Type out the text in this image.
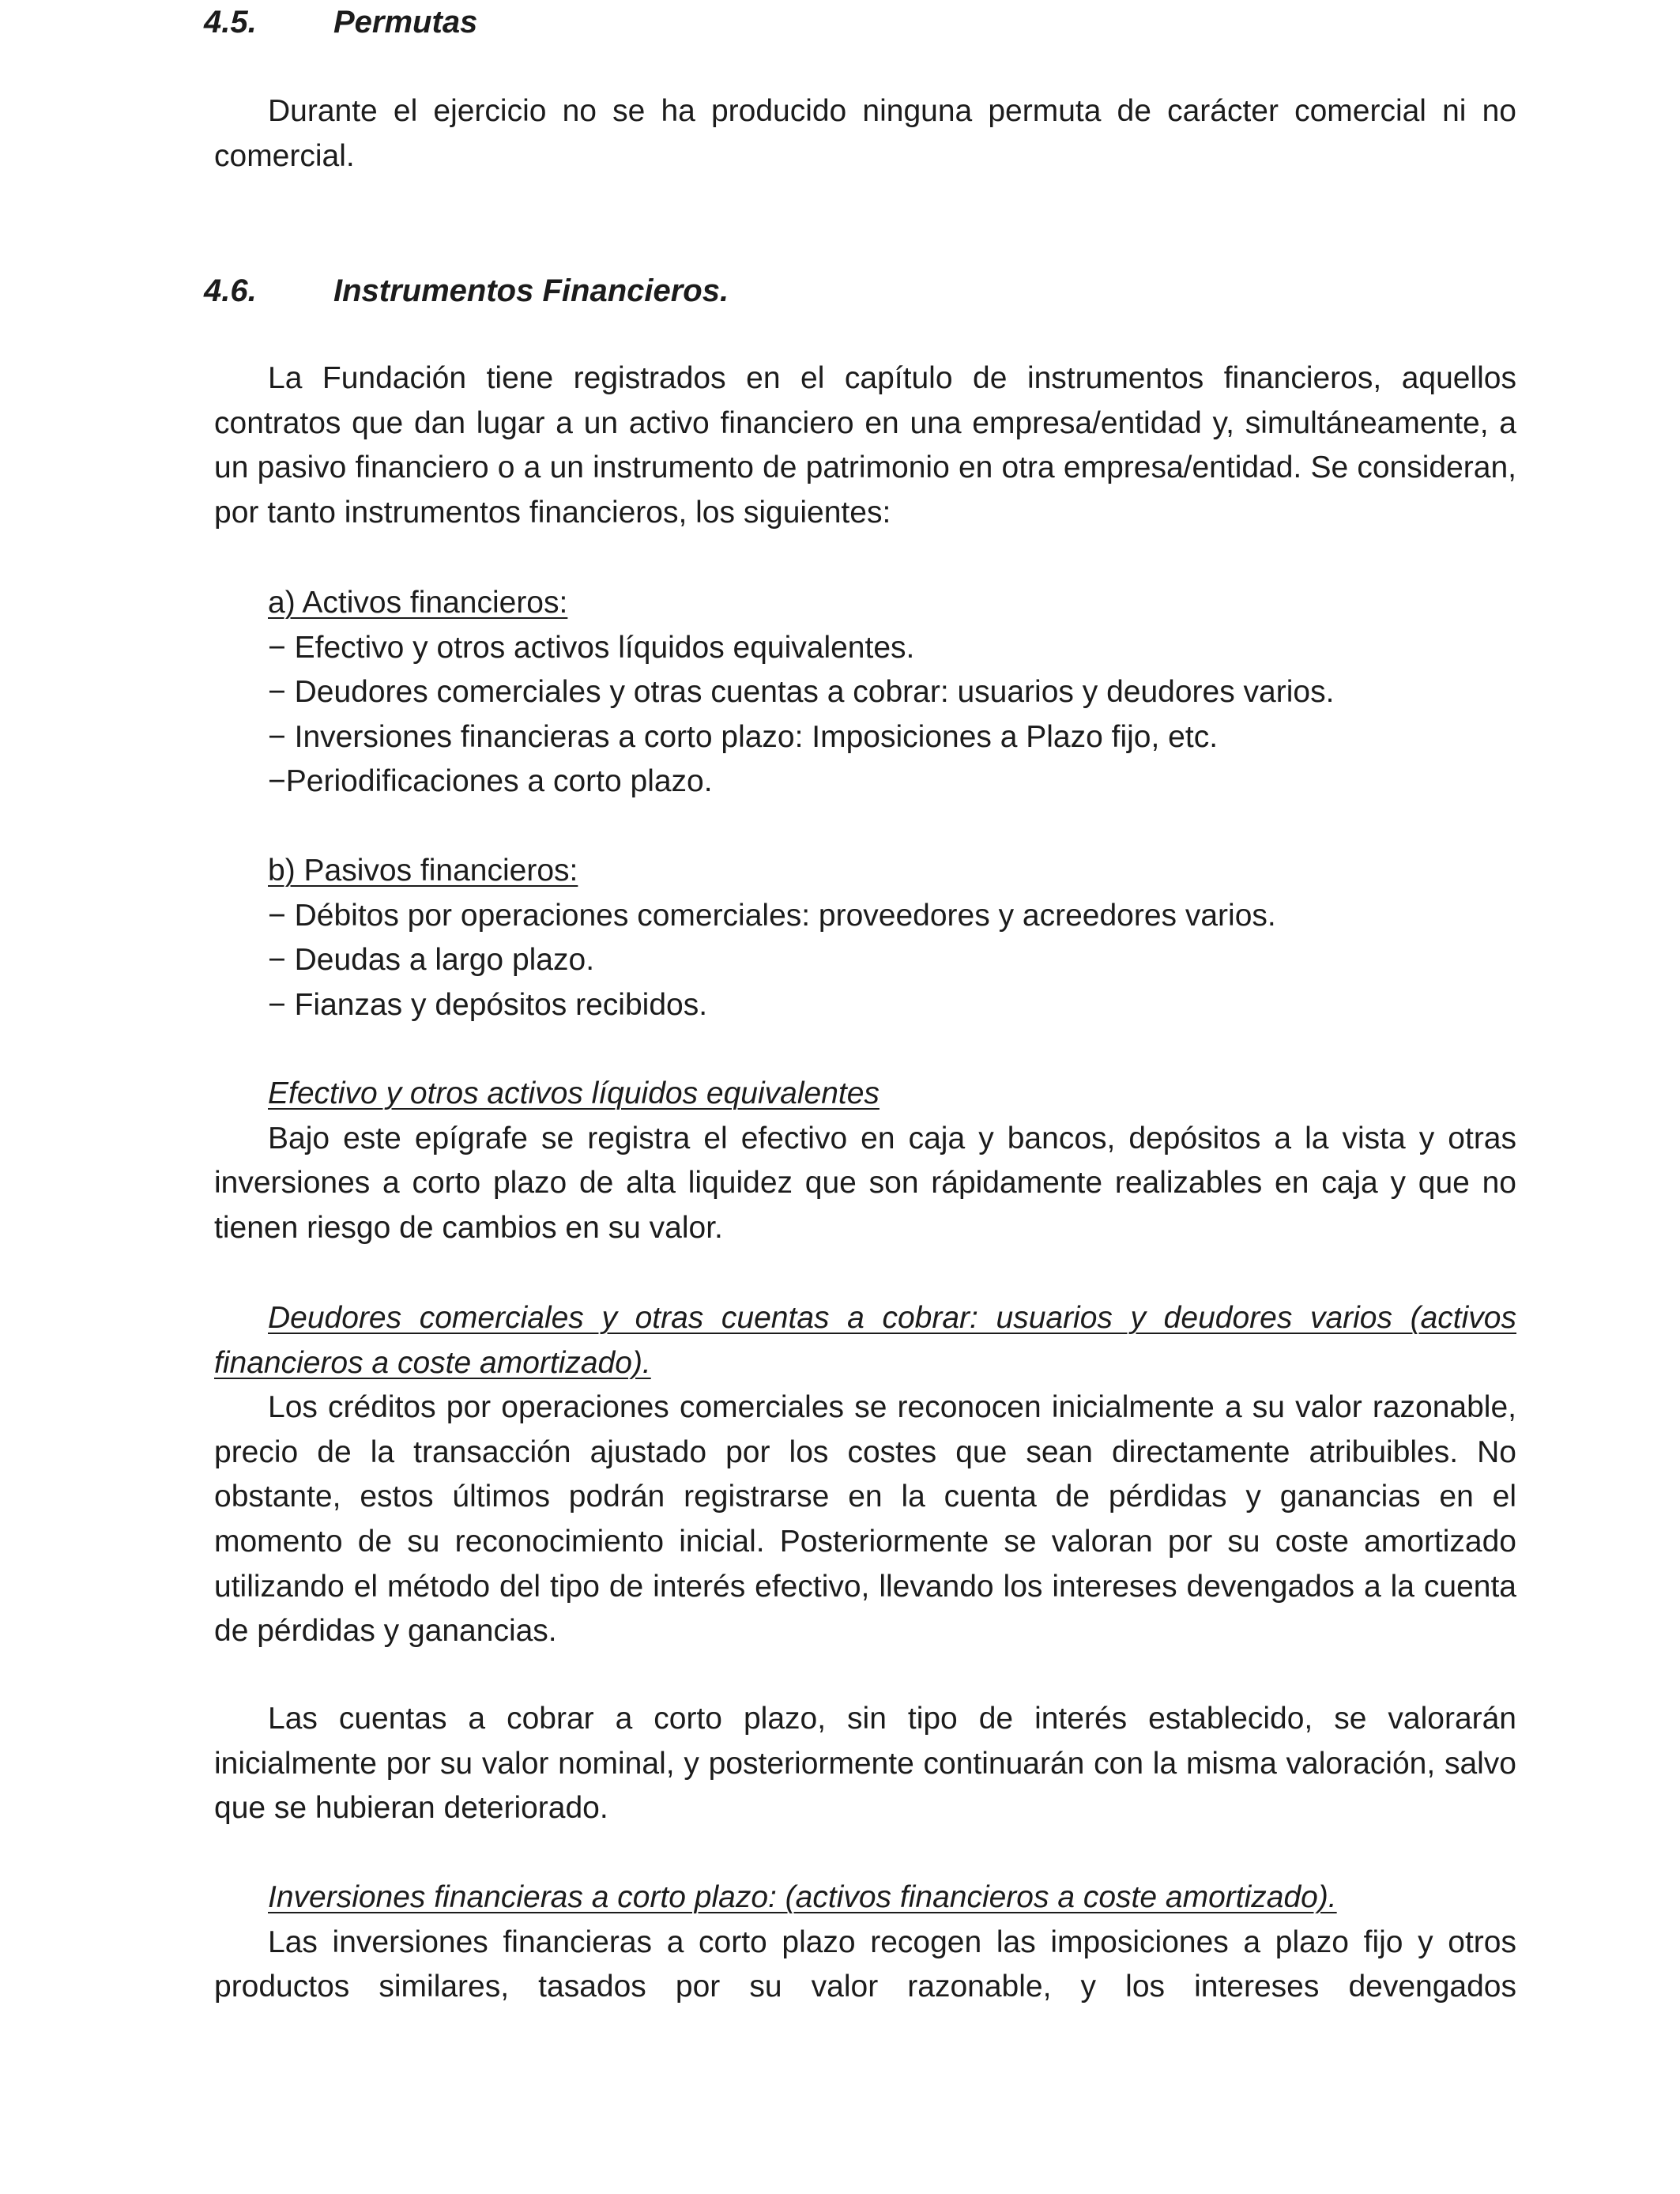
4.5. Permutas
Durante el ejercicio no se ha producido ninguna permuta de carácter comercial ni no comercial.
4.6. Instrumentos Financieros.
La Fundación tiene registrados en el capítulo de instrumentos financieros, aquellos contratos que dan lugar a un activo financiero en una empresa/entidad y, simultáneamente, a un pasivo financiero o a un instrumento de patrimonio en otra empresa/entidad. Se consideran, por tanto instrumentos financieros, los siguientes:
a) Activos financieros:
− Efectivo y otros activos líquidos equivalentes.
− Deudores comerciales y otras cuentas a cobrar: usuarios y deudores varios.
− Inversiones financieras a corto plazo: Imposiciones a Plazo fijo, etc.
−Periodificaciones a corto plazo.
b) Pasivos financieros:
− Débitos por operaciones comerciales: proveedores y acreedores varios.
− Deudas a largo plazo.
− Fianzas y depósitos recibidos.
Efectivo y otros activos líquidos equivalentes
Bajo este epígrafe se registra el efectivo en caja y bancos, depósitos a la vista y otras inversiones a corto plazo de alta liquidez que son rápidamente realizables en caja y que no tienen riesgo de cambios en su valor.
Deudores comerciales y otras cuentas a cobrar: usuarios y deudores varios (activos financieros a coste amortizado).
Los créditos por operaciones comerciales se reconocen inicialmente a su valor razonable, precio de la transacción ajustado por los costes que sean directamente atribuibles. No obstante, estos últimos podrán registrarse en la cuenta de pérdidas y ganancias en el momento de su reconocimiento inicial. Posteriormente se valoran por su coste amortizado utilizando el método del tipo de interés efectivo, llevando los intereses devengados a la cuenta de pérdidas y ganancias.
Las cuentas a cobrar a corto plazo, sin tipo de interés establecido, se valorarán inicialmente por su valor nominal, y posteriormente continuarán con la misma valoración, salvo que se hubieran deteriorado.
Inversiones financieras a corto plazo: (activos financieros a coste amortizado).
Las inversiones financieras a corto plazo recogen las imposiciones a plazo fijo y otros productos similares, tasados por su valor razonable, y los intereses devengados
